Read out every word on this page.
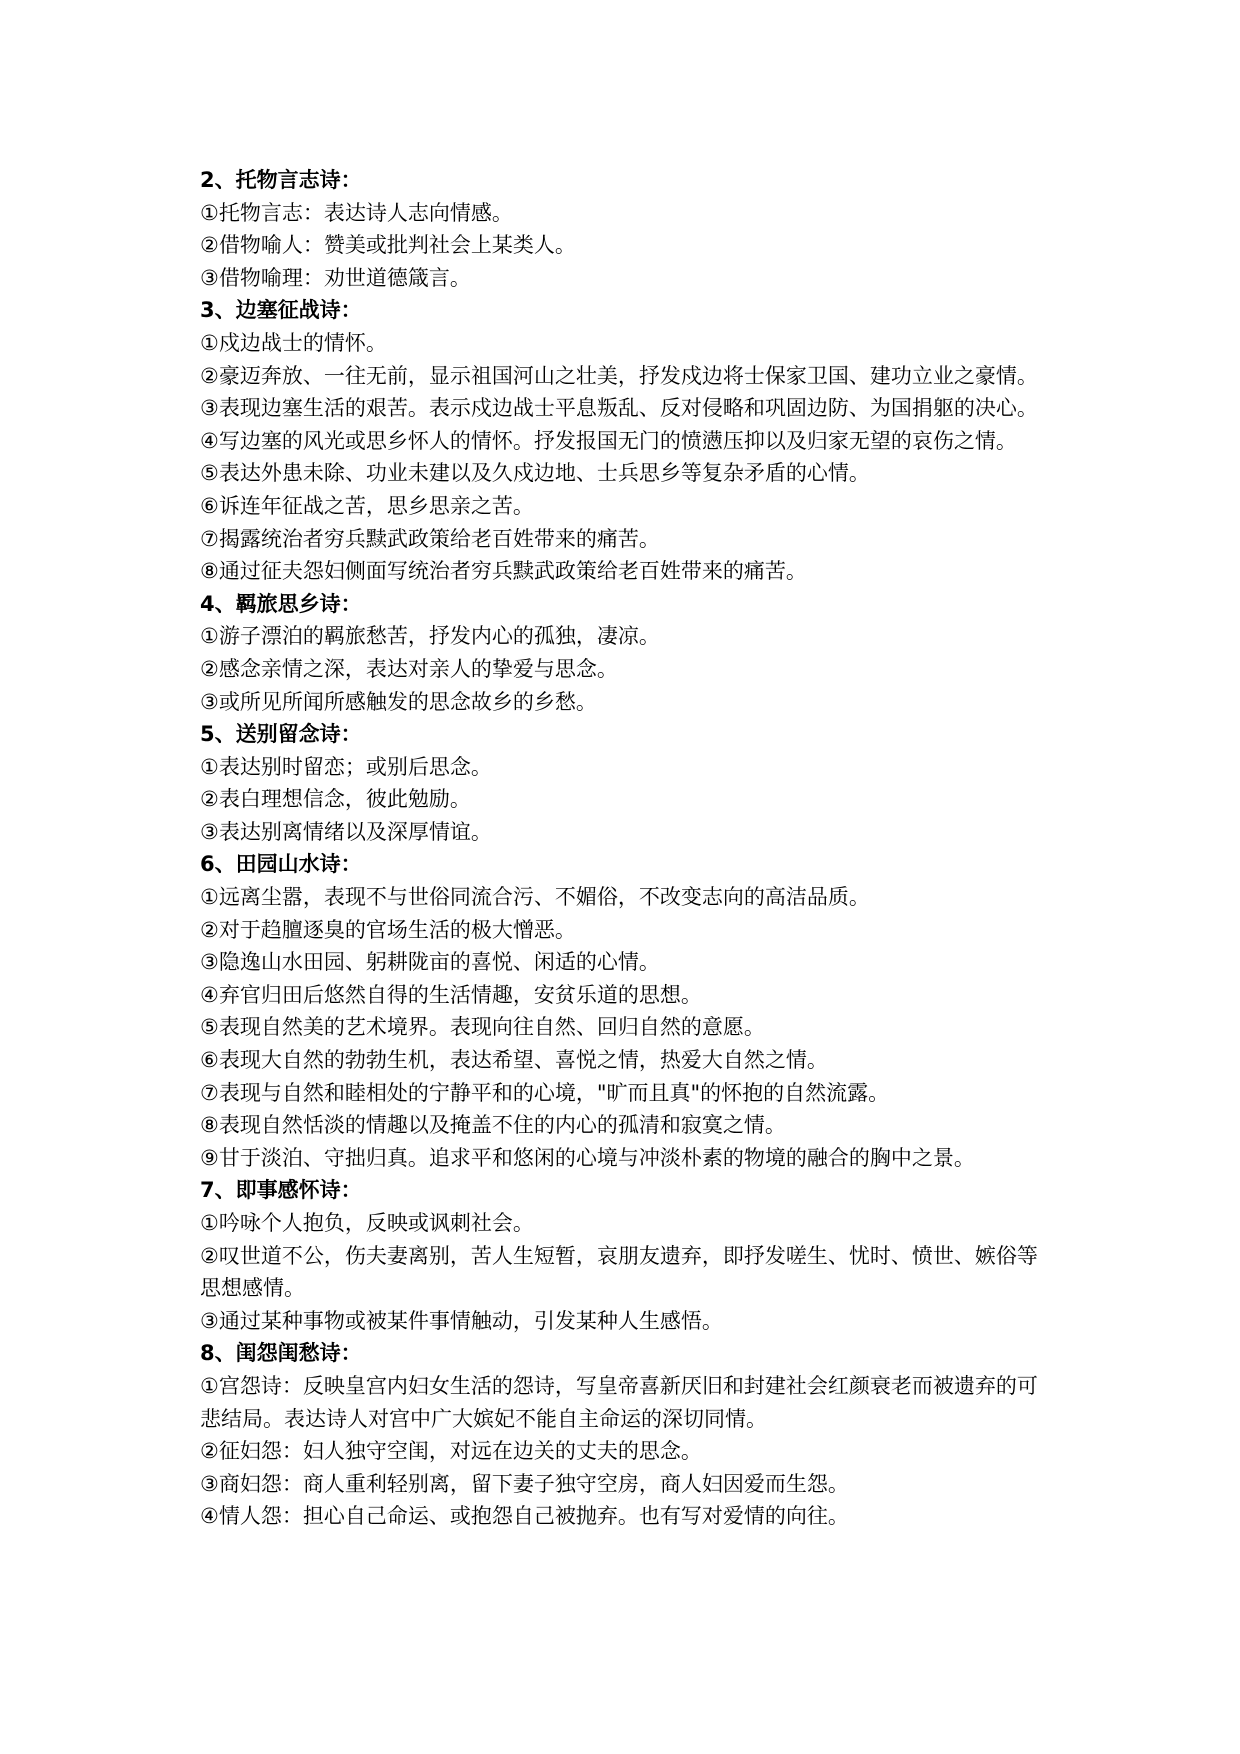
2、托物言志诗：

①托物言志：表达诗人志向情感。

②借物喻人：赞美或批判社会上某类人。

③借物喻理：劝世道德箴言。

3、边塞征战诗：

①戍边战士的情怀。

②豪迈奔放、一往无前，显示祖国河山之壮美，抒发戍边将士保家卫国、建功立业之豪情。

③表现边塞生活的艰苦。表示戍边战士平息叛乱、反对侵略和巩固边防、为国捐躯的决心。

④写边塞的风光或思乡怀人的情怀。抒发报国无门的愤懑压抑以及归家无望的哀伤之情。

⑤表达外患未除、功业未建以及久戍边地、士兵思乡等复杂矛盾的心情。

⑥诉连年征战之苦，思乡思亲之苦。

⑦揭露统治者穷兵黩武政策给老百姓带来的痛苦。

⑧通过征夫怨妇侧面写统治者穷兵黩武政策给老百姓带来的痛苦。

4、羁旅思乡诗：

①游子漂泊的羁旅愁苦，抒发内心的孤独，凄凉。

②感念亲情之深，表达对亲人的挚爱与思念。

③或所见所闻所感触发的思念故乡的乡愁。

5、送别留念诗：

①表达别时留恋；或别后思念。

②表白理想信念，彼此勉励。

③表达别离情绪以及深厚情谊。

6、田园山水诗：

①远离尘嚣，表现不与世俗同流合污、不媚俗，不改变志向的高洁品质。

②对于趋膻逐臭的官场生活的极大憎恶。

③隐逸山水田园、躬耕陇亩的喜悦、闲适的心情。

④弃官归田后悠然自得的生活情趣，安贫乐道的思想。

⑤表现自然美的艺术境界。表现向往自然、回归自然的意愿。

⑥表现大自然的勃勃生机，表达希望、喜悦之情，热爱大自然之情。

⑦表现与自然和睦相处的宁静平和的心境，"旷而且真"的怀抱的自然流露。

⑧表现自然恬淡的情趣以及掩盖不住的内心的孤清和寂寞之情。

⑨甘于淡泊、守拙归真。追求平和悠闲的心境与冲淡朴素的物境的融合的胸中之景。

7、即事感怀诗：

①吟咏个人抱负，反映或讽刺社会。

②叹世道不公，伤夫妻离别，苦人生短暂，哀朋友遗弃，即抒发嗟生、忧时、愤世、嫉俗等思想感情。

③通过某种事物或被某件事情触动，引发某种人生感悟。

8、闺怨闺愁诗：

①宫怨诗：反映皇宫内妇女生活的怨诗，写皇帝喜新厌旧和封建社会红颜衰老而被遗弃的可悲结局。表达诗人对宫中广大嫔妃不能自主命运的深切同情。

②征妇怨：妇人独守空闺，对远在边关的丈夫的思念。

③商妇怨：商人重利轻别离，留下妻子独守空房，商人妇因爱而生怨。

④情人怨：担心自己命运、或抱怨自己被抛弃。也有写对爱情的向往。
